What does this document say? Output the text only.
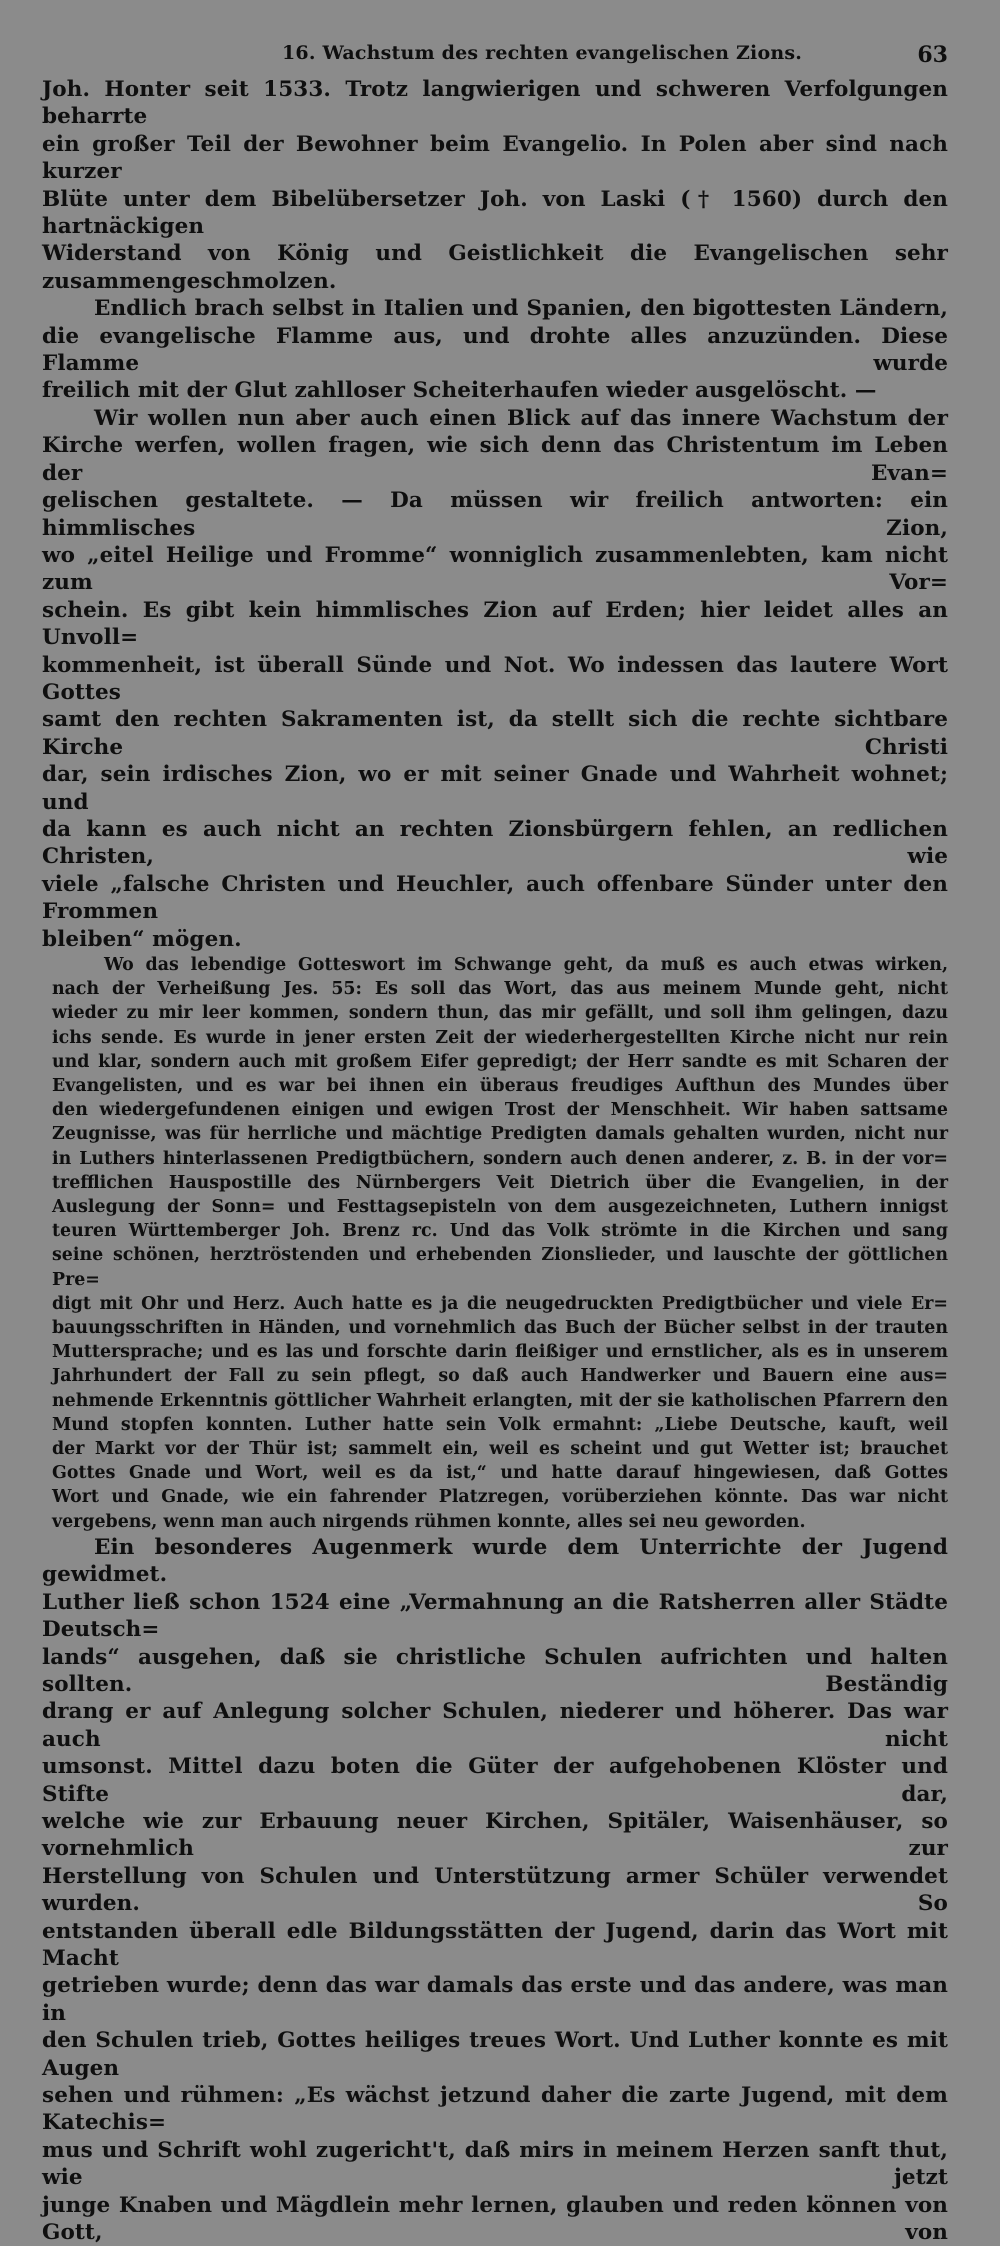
16. Wachstum des rechten evangelischen Zions.	63

Joh. Honter seit 1533. Trotz langwierigen und schweren Verfolgungen beharrte

ein großer Teil der Bewohner beim Evangelio. In Polen aber sind nach kurzer

Blüte unter dem Bibelübersetzer Joh. von Laski († 1560) durch den hartnäckigen

Widerstand von König und Geistlichkeit die Evangelischen sehr zusammengeschmolzen.

Endlich brach selbst in Italien und Spanien, den bigottesten Ländern,

die evangelische Flamme aus, und drohte alles anzuzünden. Diese Flamme wurde

freilich mit der Glut zahlloser Scheiterhaufen wieder ausgelöscht. —

Wir wollen nun aber auch einen Blick auf das innere Wachstum der

Kirche werfen, wollen fragen, wie sich denn das Christentum im Leben der Evan=

gelischen gestaltete. — Da müssen wir freilich antworten: ein himmlisches Zion,

wo „eitel Heilige und Fromme“ wonniglich zusammenlebten, kam nicht zum Vor=

schein. Es gibt kein himmlisches Zion auf Erden; hier leidet alles an Unvoll=

kommenheit, ist überall Sünde und Not. Wo indessen das lautere Wort Gottes

samt den rechten Sakramenten ist, da stellt sich die rechte sichtbare Kirche Christi

dar, sein irdisches Zion, wo er mit seiner Gnade und Wahrheit wohnet; und

da kann es auch nicht an rechten Zionsbürgern fehlen, an redlichen Christen, wie

viele „falsche Christen und Heuchler, auch offenbare Sünder unter den Frommen

bleiben“ mögen.

Wo das lebendige Gotteswort im Schwange geht, da muß es auch etwas wirken,

nach der Verheißung Jes. 55: Es soll das Wort, das aus meinem Munde geht, nicht

wieder zu mir leer kommen, sondern thun, das mir gefällt, und soll ihm gelingen, dazu

ichs sende. Es wurde in jener ersten Zeit der wiederhergestellten Kirche nicht nur rein

und klar, sondern auch mit großem Eifer gepredigt; der Herr sandte es mit Scharen der

Evangelisten, und es war bei ihnen ein überaus freudiges Aufthun des Mundes über

den wiedergefundenen einigen und ewigen Trost der Menschheit. Wir haben sattsame

Zeugnisse, was für herrliche und mächtige Predigten damals gehalten wurden, nicht nur

in Luthers hinterlassenen Predigtbüchern, sondern auch denen anderer, z. B. in der vor=

trefflichen Hauspostille des Nürnbergers Veit Dietrich über die Evangelien, in der

Auslegung der Sonn= und Festtagsepisteln von dem ausgezeichneten, Luthern innigst

teuren Württemberger Joh. Brenz rc. Und das Volk strömte in die Kirchen und sang

seine schönen, herztröstenden und erhebenden Zionslieder, und lauschte der göttlichen Pre=

digt mit Ohr und Herz. Auch hatte es ja die neugedruckten Predigtbücher und viele Er=

bauungsschriften in Händen, und vornehmlich das Buch der Bücher selbst in der trauten

Muttersprache; und es las und forschte darin fleißiger und ernstlicher, als es in unserem

Jahrhundert der Fall zu sein pflegt, so daß auch Handwerker und Bauern eine aus=

nehmende Erkenntnis göttlicher Wahrheit erlangten, mit der sie katholischen Pfarrern den

Mund stopfen konnten. Luther hatte sein Volk ermahnt: „Liebe Deutsche, kauft, weil

der Markt vor der Thür ist; sammelt ein, weil es scheint und gut Wetter ist; brauchet

Gottes Gnade und Wort, weil es da ist,“ und hatte darauf hingewiesen, daß Gottes

Wort und Gnade, wie ein fahrender Platzregen, vorüberziehen könnte. Das war nicht

vergebens, wenn man auch nirgends rühmen konnte, alles sei neu geworden.

Ein besonderes Augenmerk wurde dem Unterrichte der Jugend gewidmet.

Luther ließ schon 1524 eine „Vermahnung an die Ratsherren aller Städte Deutsch=

lands“ ausgehen, daß sie christliche Schulen aufrichten und halten sollten. Beständig

drang er auf Anlegung solcher Schulen, niederer und höherer. Das war auch nicht

umsonst. Mittel dazu boten die Güter der aufgehobenen Klöster und Stifte dar,

welche wie zur Erbauung neuer Kirchen, Spitäler, Waisenhäuser, so vornehmlich zur

Herstellung von Schulen und Unterstützung armer Schüler verwendet wurden. So

entstanden überall edle Bildungsstätten der Jugend, darin das Wort mit Macht

getrieben wurde; denn das war damals das erste und das andere, was man in

den Schulen trieb, Gottes heiliges treues Wort. Und Luther konnte es mit Augen

sehen und rühmen: „Es wächst jetzund daher die zarte Jugend, mit dem Katechis=

mus und Schrift wohl zugericht't, daß mirs in meinem Herzen sanft thut, wie jetzt

junge Knaben und Mägdlein mehr lernen, glauben und reden können von Gott, von
